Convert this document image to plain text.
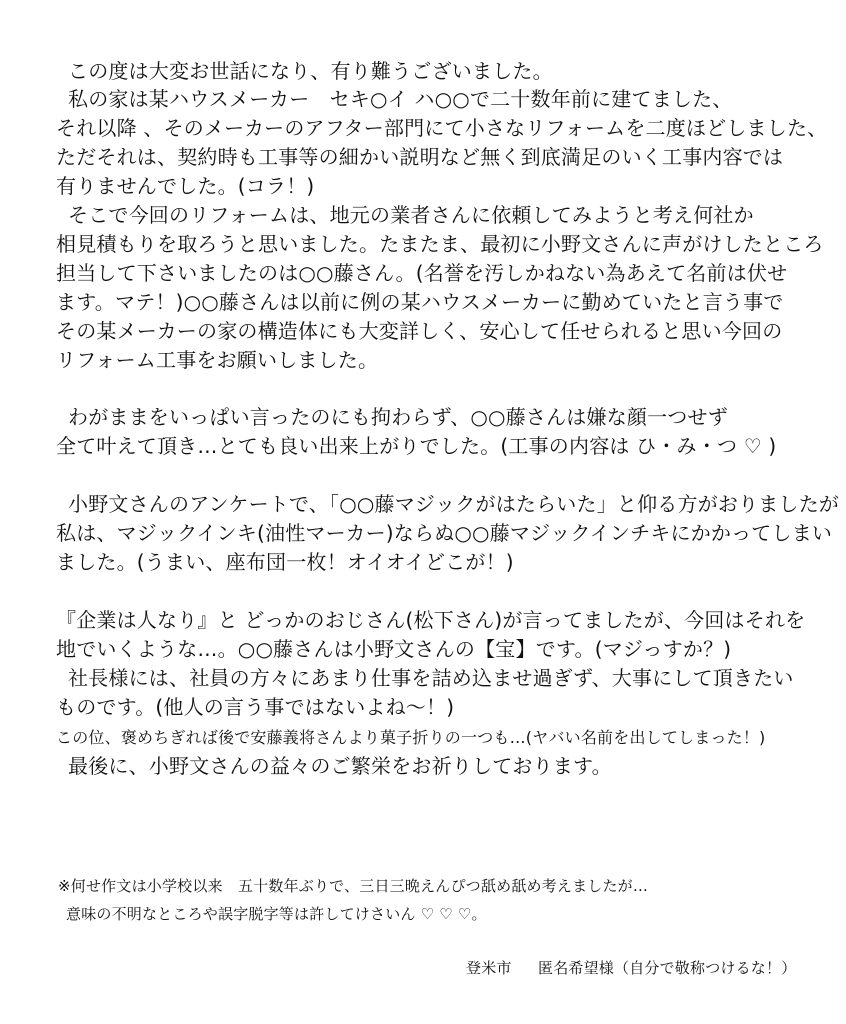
この度は大変お世話になり、有り難うございました。
私の家は某ハウスメーカー　セキ○イ ハ○○で二十数年前に建てました、
それ以降 、そのメーカーのアフター部門にて小さなリフォームを二度ほどしました、
ただそれは、契約時も工事等の細かい説明など無く到底満足のいく工事内容では
有りませんでした。(コラ！)
そこで今回のリフォームは、地元の業者さんに依頼してみようと考え何社か
相見積もりを取ろうと思いました。たまたま、最初に小野文さんに声がけしたところ
担当して下さいましたのは○○藤さん。(名誉を汚しかねない為あえて名前は伏せ
ます。マテ！)○○藤さんは以前に例の某ハウスメーカーに勤めていたと言う事で
その某メーカーの家の構造体にも大変詳しく、安心して任せられると思い今回の
リフォーム工事をお願いしました。
わがままをいっぱい言ったのにも拘わらず、○○藤さんは嫌な顔一つせず
全て叶えて頂き…とても良い出来上がりでした。(工事の内容は ひ・み・つ ♡ )
小野文さんのアンケートで、「○○藤マジックがはたらいた」と仰る方がおりましたが
私は、マジックインキ(油性マーカー)ならぬ○○藤マジックインチキにかかってしまい
ました。(うまい、座布団一枚！オイオイどこが！)
『企業は人なり』と どっかのおじさん(松下さん)が言ってましたが、今回はそれを
地でいくような…。○○藤さんは小野文さんの【宝】です。(マジっすか？)
社長様には、社員の方々にあまり仕事を詰め込ませ過ぎず、大事にして頂きたい
ものです。(他人の言う事ではないよね～！)
この位、褒めちぎれば後で安藤義将さんより菓子折りの一つも…(ヤバい名前を出してしまった！)
最後に、小野文さんの益々のご繁栄をお祈りしております。
※何せ作文は小学校以来　五十数年ぶりで、三日三晩えんぴつ舐め舐め考えましたが…
意味の不明なところや誤字脱字等は許してけさいん ♡ ♡ ♡。
登米市 匿名希望様（自分で敬称つけるな！）
